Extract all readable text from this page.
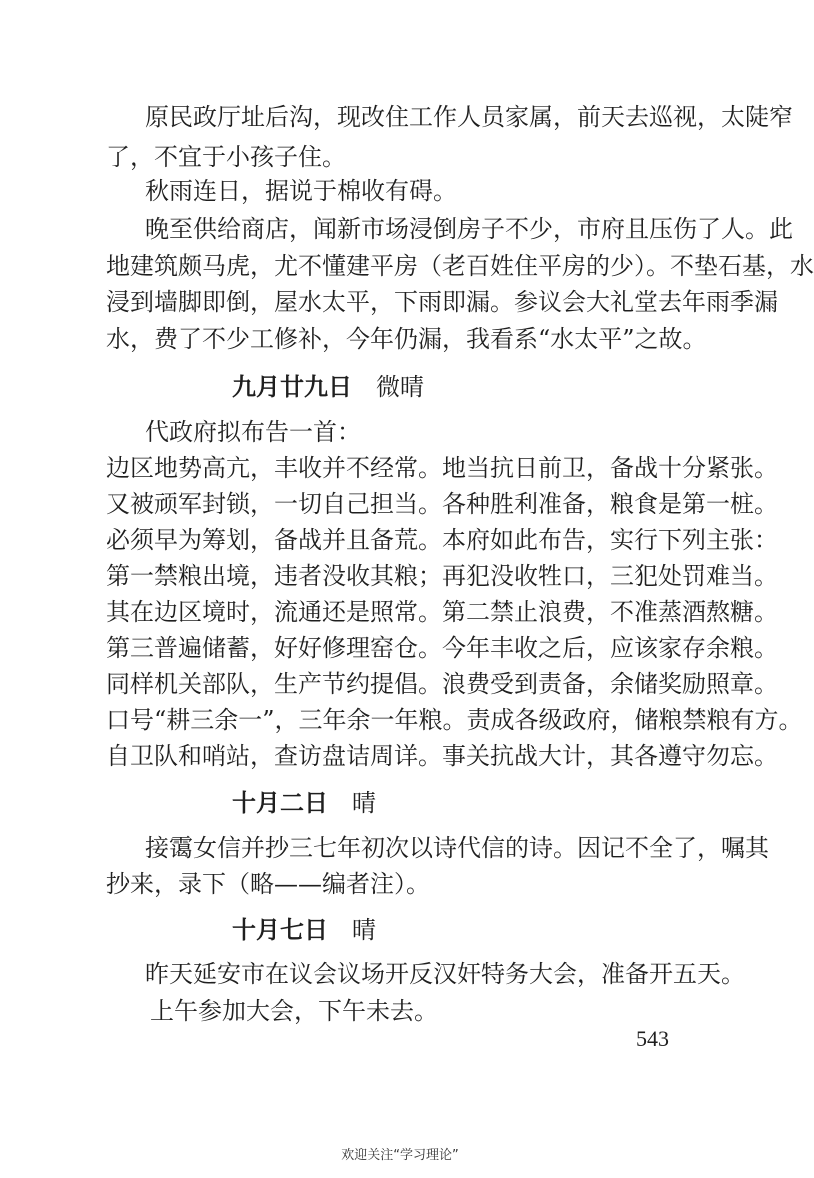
原民政厅址后沟，现改住工作人员家属，前天去巡视，太陡窄
了，不宜于小孩子住。
秋雨连日，据说于棉收有碍。
晚至供给商店，闻新市场浸倒房子不少，市府且压伤了人。此
地建筑颇马虎，尤不懂建平房（老百姓住平房的少）。不垫石基，水
浸到墙脚即倒，屋水太平，下雨即漏。参议会大礼堂去年雨季漏
水，费了不少工修补，今年仍漏，我看系“水太平”之故。
九月廿九日 微晴
代政府拟布告一首：
边区地势高亢，丰收并不经常。地当抗日前卫，备战十分紧张。
又被顽军封锁，一切自己担当。各种胜利准备，粮食是第一桩。
必须早为筹划，备战并且备荒。本府如此布告，实行下列主张：
第一禁粮出境，违者没收其粮；再犯没收牲口，三犯处罚难当。
其在边区境时，流通还是照常。第二禁止浪费，不准蒸酒熬糖。
第三普遍储蓄，好好修理窑仓。今年丰收之后，应该家存余粮。
同样机关部队，生产节约提倡。浪费受到责备，余储奖励照章。
口号“耕三余一”，三年余一年粮。责成各级政府，储粮禁粮有方。
自卫队和哨站，查访盘诘周详。事关抗战大计，其各遵守勿忘。
十月二日 晴
接霭女信并抄三七年初次以诗代信的诗。因记不全了，嘱其
抄来，录下（略——编者注）。
十月七日 晴
昨天延安市在议会议场开反汉奸特务大会，准备开五天。
上午参加大会，下午未去。
543
欢迎关注“学习理论”
